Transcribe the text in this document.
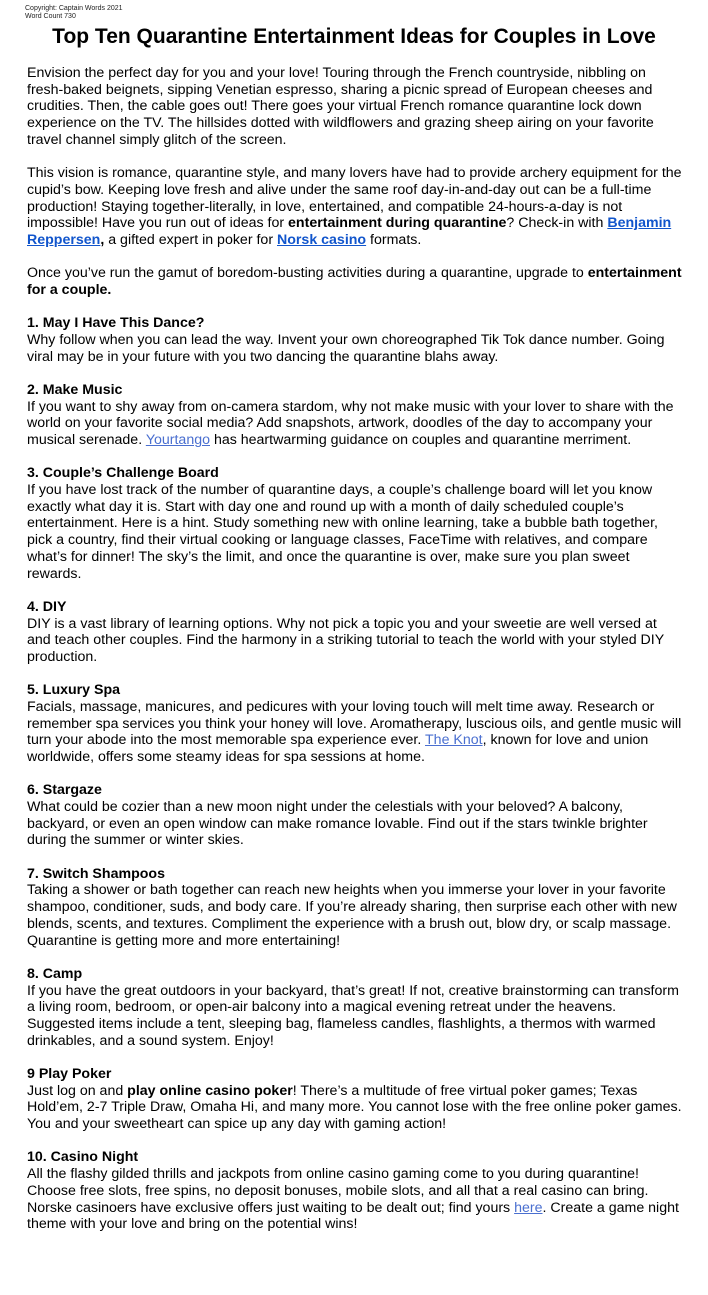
Copyright: Captain Words 2021
Word Count 730
Top Ten Quarantine Entertainment Ideas for Couples in Love

Envision the perfect day for you and your love! Touring through the French countryside, nibbling on fresh-baked beignets, sipping Venetian espresso, sharing a picnic spread of European cheeses and crudities. Then, the cable goes out! There goes your virtual French romance quarantine lock down experience on the TV. The hillsides dotted with wildflowers and grazing sheep airing on your favorite travel channel simply glitch of the screen.

This vision is romance, quarantine style, and many lovers have had to provide archery equipment for the cupid’s bow. Keeping love fresh and alive under the same roof day-in-and-day out can be a full-time production! Staying together-literally, in love, entertained, and compatible 24-hours-a-day is not impossible! Have you run out of ideas for entertainment during quarantine? Check-in with Benjamin Reppersen, a gifted expert in poker for Norsk casino formats.

Once you’ve run the gamut of boredom-busting activities during a quarantine, upgrade to entertainment for a couple.

1. May I Have This Dance?
Why follow when you can lead the way. Invent your own choreographed Tik Tok dance number. Going viral may be in your future with you two dancing the quarantine blahs away.

2. Make Music
If you want to shy away from on-camera stardom, why not make music with your lover to share with the world on your favorite social media? Add snapshots, artwork, doodles of the day to accompany your musical serenade. Yourtango has heartwarming guidance on couples and quarantine merriment.

3. Couple’s Challenge Board
If you have lost track of the number of quarantine days, a couple’s challenge board will let you know exactly what day it is. Start with day one and round up with a month of daily scheduled couple’s entertainment. Here is a hint. Study something new with online learning, take a bubble bath together, pick a country, find their virtual cooking or language classes, FaceTime with relatives, and compare what’s for dinner! The sky’s the limit, and once the quarantine is over, make sure you plan sweet rewards.

4. DIY
DIY is a vast library of learning options. Why not pick a topic you and your sweetie are well versed at and teach other couples. Find the harmony in a striking tutorial to teach the world with your styled DIY production.

5. Luxury Spa
Facials, massage, manicures, and pedicures with your loving touch will melt time away. Research or remember spa services you think your honey will love. Aromatherapy, luscious oils, and gentle music will turn your abode into the most memorable spa experience ever. The Knot, known for love and union worldwide, offers some steamy ideas for spa sessions at home.

6. Stargaze
What could be cozier than a new moon night under the celestials with your beloved? A balcony, backyard, or even an open window can make romance lovable. Find out if the stars twinkle brighter during the summer or winter skies.

7. Switch Shampoos
Taking a shower or bath together can reach new heights when you immerse your lover in your favorite shampoo, conditioner, suds, and body care. If you’re already sharing, then surprise each other with new blends, scents, and textures. Compliment the experience with a brush out, blow dry, or scalp massage. Quarantine is getting more and more entertaining!

8. Camp
If you have the great outdoors in your backyard, that’s great! If not, creative brainstorming can transform a living room, bedroom, or open-air balcony into a magical evening retreat under the heavens. Suggested items include a tent, sleeping bag, flameless candles, flashlights, a thermos with warmed drinkables, and a sound system. Enjoy!

9 Play Poker
Just log on and play online casino poker! There’s a multitude of free virtual poker games; Texas Hold’em, 2-7 Triple Draw, Omaha Hi, and many more. You cannot lose with the free online poker games. You and your sweetheart can spice up any day with gaming action!

10. Casino Night
All the flashy gilded thrills and jackpots from online casino gaming come to you during quarantine! Choose free slots, free spins, no deposit bonuses, mobile slots, and all that a real casino can bring. Norske casinoers have exclusive offers just waiting to be dealt out; find yours here. Create a game night theme with your love and bring on the potential wins!
